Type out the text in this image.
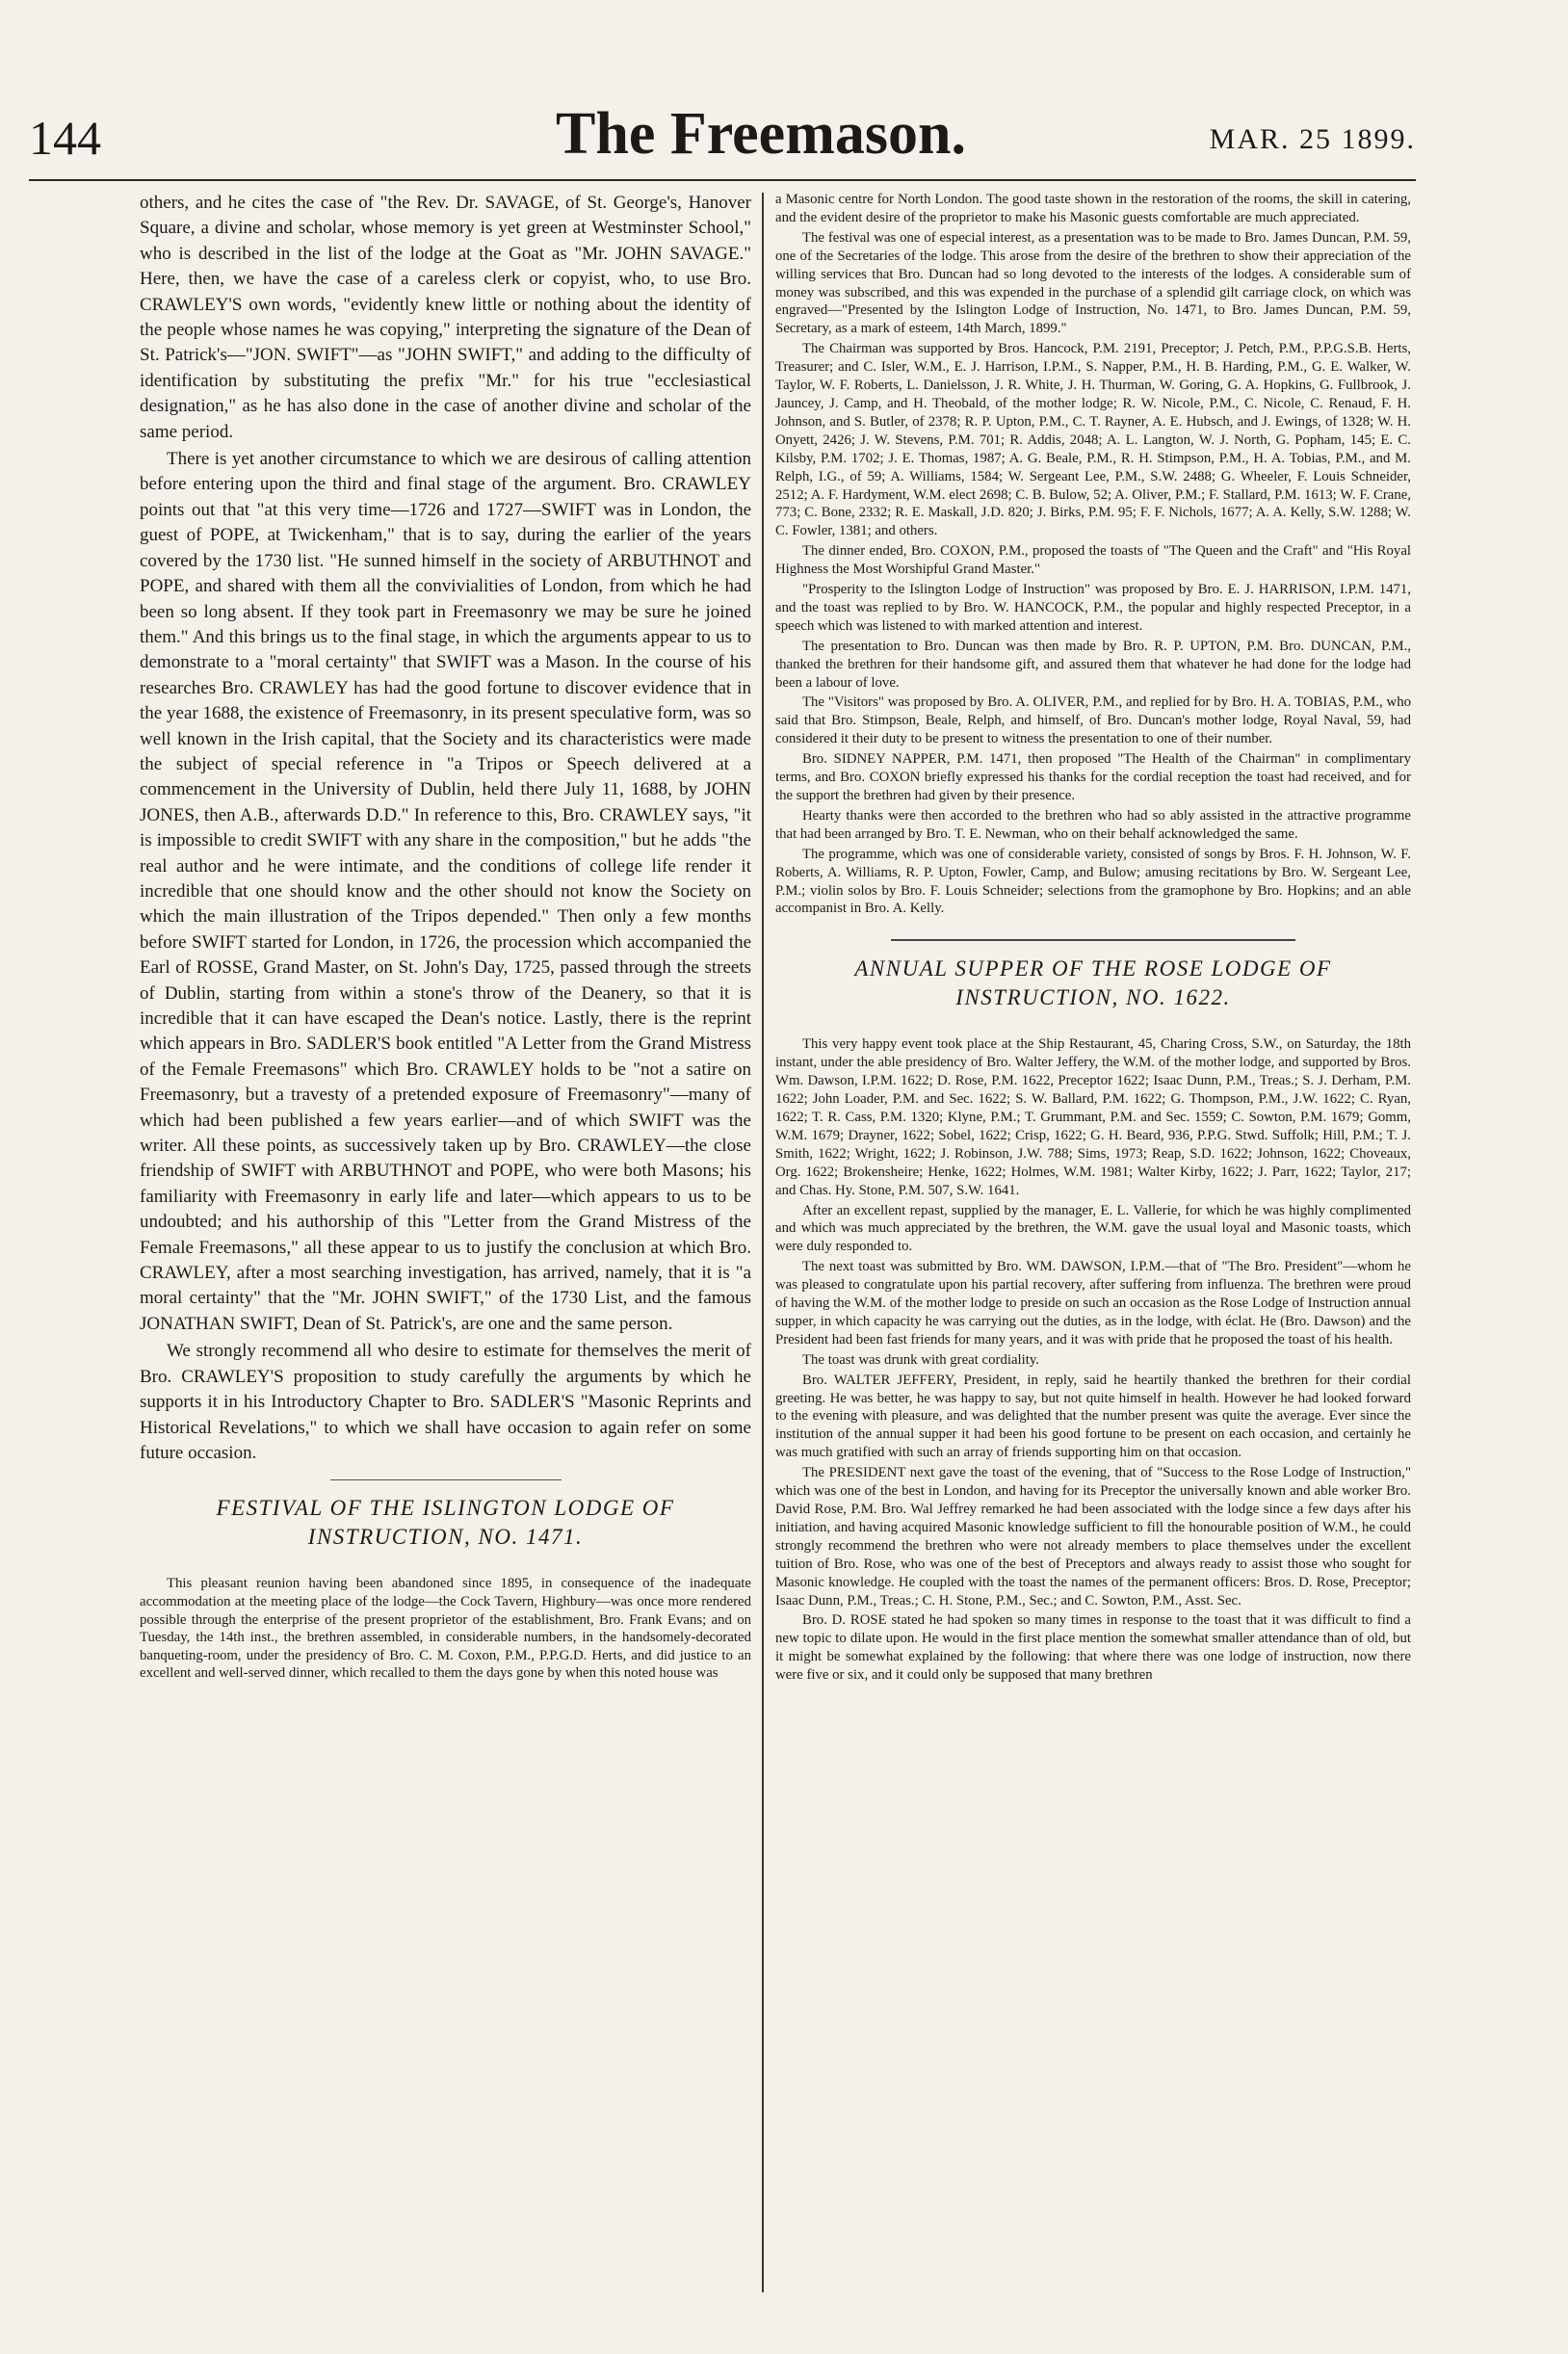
144	The Freemason.	MAR. 25 1899.

others, and he cites the case of "the Rev. Dr. SAVAGE, of St. George's, Hanover Square, a divine and scholar, whose memory is yet green at Westminster School," who is described in the list of the lodge at the Goat as "Mr. JOHN SAVAGE." Here, then, we have the case of a careless clerk or copyist, who, to use Bro. CRAWLEY'S own words, "evidently knew little or nothing about the identity of the people whose names he was copying," interpreting the signature of the Dean of St. Patrick's—"JON. SWIFT"—as "JOHN SWIFT," and adding to the difficulty of identification by substituting the prefix "Mr." for his true "ecclesiastical designation," as he has also done in the case of another divine and scholar of the same period.

There is yet another circumstance to which we are desirous of calling attention before entering upon the third and final stage of the argument. Bro. CRAWLEY points out that "at this very time—1726 and 1727—SWIFT was in London, the guest of POPE, at Twickenham," that is to say, during the earlier of the years covered by the 1730 list. "He sunned himself in the society of ARBUTHNOT and POPE, and shared with them all the convivialities of London, from which he had been so long absent. If they took part in Freemasonry we may be sure he joined them." And this brings us to the final stage, in which the arguments appear to us to demonstrate to a "moral certainty" that SWIFT was a Mason. In the course of his researches Bro. CRAWLEY has had the good fortune to discover evidence that in the year 1688, the existence of Freemasonry, in its present speculative form, was so well known in the Irish capital, that the Society and its characteristics were made the subject of special reference in "a Tripos or Speech delivered at a commencement in the University of Dublin, held there July 11, 1688, by JOHN JONES, then A.B., afterwards D.D." In reference to this, Bro. CRAWLEY says, "it is impossible to credit SWIFT with any share in the composition," but he adds "the real author and he were intimate, and the conditions of college life render it incredible that one should know and the other should not know the Society on which the main illustration of the Tripos depended." Then only a few months before SWIFT started for London, in 1726, the procession which accompanied the Earl of ROSSE, Grand Master, on St. John's Day, 1725, passed through the streets of Dublin, starting from within a stone's throw of the Deanery, so that it is incredible that it can have escaped the Dean's notice. Lastly, there is the reprint which appears in Bro. SADLER'S book entitled "A Letter from the Grand Mistress of the Female Freemasons" which Bro. CRAWLEY holds to be "not a satire on Freemasonry, but a travesty of a pretended exposure of Freemasonry"—many of which had been published a few years earlier—and of which SWIFT was the writer. All these points, as successively taken up by Bro. CRAWLEY—the close friendship of SWIFT with ARBUTHNOT and POPE, who were both Masons; his familiarity with Freemasonry in early life and later—which appears to us to be undoubted; and his authorship of this "Letter from the Grand Mistress of the Female Freemasons," all these appear to us to justify the conclusion at which Bro. CRAWLEY, after a most searching investigation, has arrived, namely, that it is "a moral certainty" that the "Mr. JOHN SWIFT," of the 1730 List, and the famous JONATHAN SWIFT, Dean of St. Patrick's, are one and the same person.

We strongly recommend all who desire to estimate for themselves the merit of Bro. CRAWLEY'S proposition to study carefully the arguments by which he supports it in his Introductory Chapter to Bro. SADLER'S "Masonic Reprints and Historical Revelations," to which we shall have occasion to again refer on some future occasion.

FESTIVAL OF THE ISLINGTON LODGE OF INSTRUCTION, NO. 1471.

This pleasant reunion having been abandoned since 1895, in consequence of the inadequate accommodation at the meeting place of the lodge—the Cock Tavern, Highbury—was once more rendered possible through the enterprise of the present proprietor of the establishment, Bro. Frank Evans; and on Tuesday, the 14th inst., the brethren assembled, in considerable numbers, in the handsomely-decorated banqueting-room, under the presidency of Bro. C. M. Coxon, P.M., P.P.G.D. Herts, and did justice to an excellent and well-served dinner, which recalled to them the days gone by when this noted house was

a Masonic centre for North London. The good taste shown in the restoration of the rooms, the skill in catering, and the evident desire of the proprietor to make his Masonic guests comfortable are much appreciated.

The festival was one of especial interest, as a presentation was to be made to Bro. James Duncan, P.M. 59, one of the Secretaries of the lodge. This arose from the desire of the brethren to show their appreciation of the willing services that Bro. Duncan had so long devoted to the interests of the lodges. A considerable sum of money was subscribed, and this was expended in the purchase of a splendid gilt carriage clock, on which was engraved—"Presented by the Islington Lodge of Instruction, No. 1471, to Bro. James Duncan, P.M. 59, Secretary, as a mark of esteem, 14th March, 1899."

The Chairman was supported by Bros. Hancock, P.M. 2191, Preceptor; J. Petch, P.M., P.P.G.S.B. Herts, Treasurer; and C. Isler, W.M., E. J. Harrison, I.P.M., S. Napper, P.M., H. B. Harding, P.M., G. E. Walker, W. Taylor, W. F. Roberts, L. Danielsson, J. R. White, J. H. Thurman, W. Goring, G. A. Hopkins, G. Fullbrook, J. Jauncey, J. Camp, and H. Theobald, of the mother lodge; R. W. Nicole, P.M., C. Nicole, C. Renaud, F. H. Johnson, and S. Butler, of 2378; R. P. Upton, P.M., C. T. Rayner, A. E. Hubsch, and J. Ewings, of 1328; W. H. Onyett, 2426; J. W. Stevens, P.M. 701; R. Addis, 2048; A. L. Langton, W. J. North, G. Popham, 145; E. C. Kilsby, P.M. 1702; J. E. Thomas, 1987; A. G. Beale, P.M., R. H. Stimpson, P.M., H. A. Tobias, P.M., and M. Relph, I.G., of 59; A. Williams, 1584; W. Sergeant Lee, P.M., S.W. 2488; G. Wheeler, F. Louis Schneider, 2512; A. F. Hardyment, W.M. elect 2698; C. B. Bulow, 52; A. Oliver, P.M.; F. Stallard, P.M. 1613; W. F. Crane, 773; C. Bone, 2332; R. E. Maskall, J.D. 820; J. Birks, P.M. 95; F. F. Nichols, 1677; A. A. Kelly, S.W. 1288; W. C. Fowler, 1381; and others.

The dinner ended, Bro. COXON, P.M., proposed the toasts of "The Queen and the Craft" and "His Royal Highness the Most Worshipful Grand Master."

"Prosperity to the Islington Lodge of Instruction" was proposed by Bro. E. J. HARRISON, I.P.M. 1471, and the toast was replied to by Bro. W. HANCOCK, P.M., the popular and highly respected Preceptor, in a speech which was listened to with marked attention and interest.

The presentation to Bro. Duncan was then made by Bro. R. P. UPTON, P.M. Bro. DUNCAN, P.M., thanked the brethren for their handsome gift, and assured them that whatever he had done for the lodge had been a labour of love.

The "Visitors" was proposed by Bro. A. OLIVER, P.M., and replied for by Bro. H. A. TOBIAS, P.M., who said that Bro. Stimpson, Beale, Relph, and himself, of Bro. Duncan's mother lodge, Royal Naval, 59, had considered it their duty to be present to witness the presentation to one of their number.

Bro. SIDNEY NAPPER, P.M. 1471, then proposed "The Health of the Chairman" in complimentary terms, and Bro. COXON briefly expressed his thanks for the cordial reception the toast had received, and for the support the brethren had given by their presence.

Hearty thanks were then accorded to the brethren who had so ably assisted in the attractive programme that had been arranged by Bro. T. E. Newman, who on their behalf acknowledged the same.

The programme, which was one of considerable variety, consisted of songs by Bros. F. H. Johnson, W. F. Roberts, A. Williams, R. P. Upton, Fowler, Camp, and Bulow; amusing recitations by Bro. W. Sergeant Lee, P.M.; violin solos by Bro. F. Louis Schneider; selections from the gramophone by Bro. Hopkins; and an able accompanist in Bro. A. Kelly.

ANNUAL SUPPER OF THE ROSE LODGE OF INSTRUCTION, NO. 1622.

This very happy event took place at the Ship Restaurant, 45, Charing Cross, S.W., on Saturday, the 18th instant, under the able presidency of Bro. Walter Jeffery, the W.M. of the mother lodge, and supported by Bros. Wm. Dawson, I.P.M. 1622; D. Rose, P.M. 1622, Preceptor 1622; Isaac Dunn, P.M., Treas.; S. J. Derham, P.M. 1622; John Loader, P.M. and Sec. 1622; S. W. Ballard, P.M. 1622; G. Thompson, P.M., J.W. 1622; C. Ryan, 1622; T. R. Cass, P.M. 1320; Klyne, P.M.; T. Grummant, P.M. and Sec. 1559; C. Sowton, P.M. 1679; Gomm, W.M. 1679; Drayner, 1622; Sobel, 1622; Crisp, 1622; G. H. Beard, 936, P.P.G. Stwd. Suffolk; Hill, P.M.; T. J. Smith, 1622; Wright, 1622; J. Robinson, J.W. 788; Sims, 1973; Reap, S.D. 1622; Johnson, 1622; Choveaux, Org. 1622; Brokensheire; Henke, 1622; Holmes, W.M. 1981; Walter Kirby, 1622; J. Parr, 1622; Taylor, 217; and Chas. Hy. Stone, P.M. 507, S.W. 1641.

After an excellent repast, supplied by the manager, E. L. Vallerie, for which he was highly complimented and which was much appreciated by the brethren, the W.M. gave the usual loyal and Masonic toasts, which were duly responded to.

The next toast was submitted by Bro. WM. DAWSON, I.P.M.—that of "The Bro. President"—whom he was pleased to congratulate upon his partial recovery, after suffering from influenza. The brethren were proud of having the W.M. of the mother lodge to preside on such an occasion as the Rose Lodge of Instruction annual supper, in which capacity he was carrying out the duties, as in the lodge, with éclat. He (Bro. Dawson) and the President had been fast friends for many years, and it was with pride that he proposed the toast of his health.

The toast was drunk with great cordiality.

Bro. WALTER JEFFERY, President, in reply, said he heartily thanked the brethren for their cordial greeting. He was better, he was happy to say, but not quite himself in health. However he had looked forward to the evening with pleasure, and was delighted that the number present was quite the average. Ever since the institution of the annual supper it had been his good fortune to be present on each occasion, and certainly he was much gratified with such an array of friends supporting him on that occasion.

The PRESIDENT next gave the toast of the evening, that of "Success to the Rose Lodge of Instruction," which was one of the best in London, and having for its Preceptor the universally known and able worker Bro. David Rose, P.M. Bro. Wal Jeffrey remarked he had been associated with the lodge since a few days after his initiation, and having acquired Masonic knowledge sufficient to fill the honourable position of W.M., he could strongly recommend the brethren who were not already members to place themselves under the excellent tuition of Bro. Rose, who was one of the best of Preceptors and always ready to assist those who sought for Masonic knowledge. He coupled with the toast the names of the permanent officers: Bros. D. Rose, Preceptor; Isaac Dunn, P.M., Treas.; C. H. Stone, P.M., Sec.; and C. Sowton, P.M., Asst. Sec.

Bro. D. ROSE stated he had spoken so many times in response to the toast that it was difficult to find a new topic to dilate upon. He would in the first place mention the somewhat smaller attendance than of old, but it might be somewhat explained by the following: that where there was one lodge of instruction, now there were five or six, and it could only be supposed that many brethren
